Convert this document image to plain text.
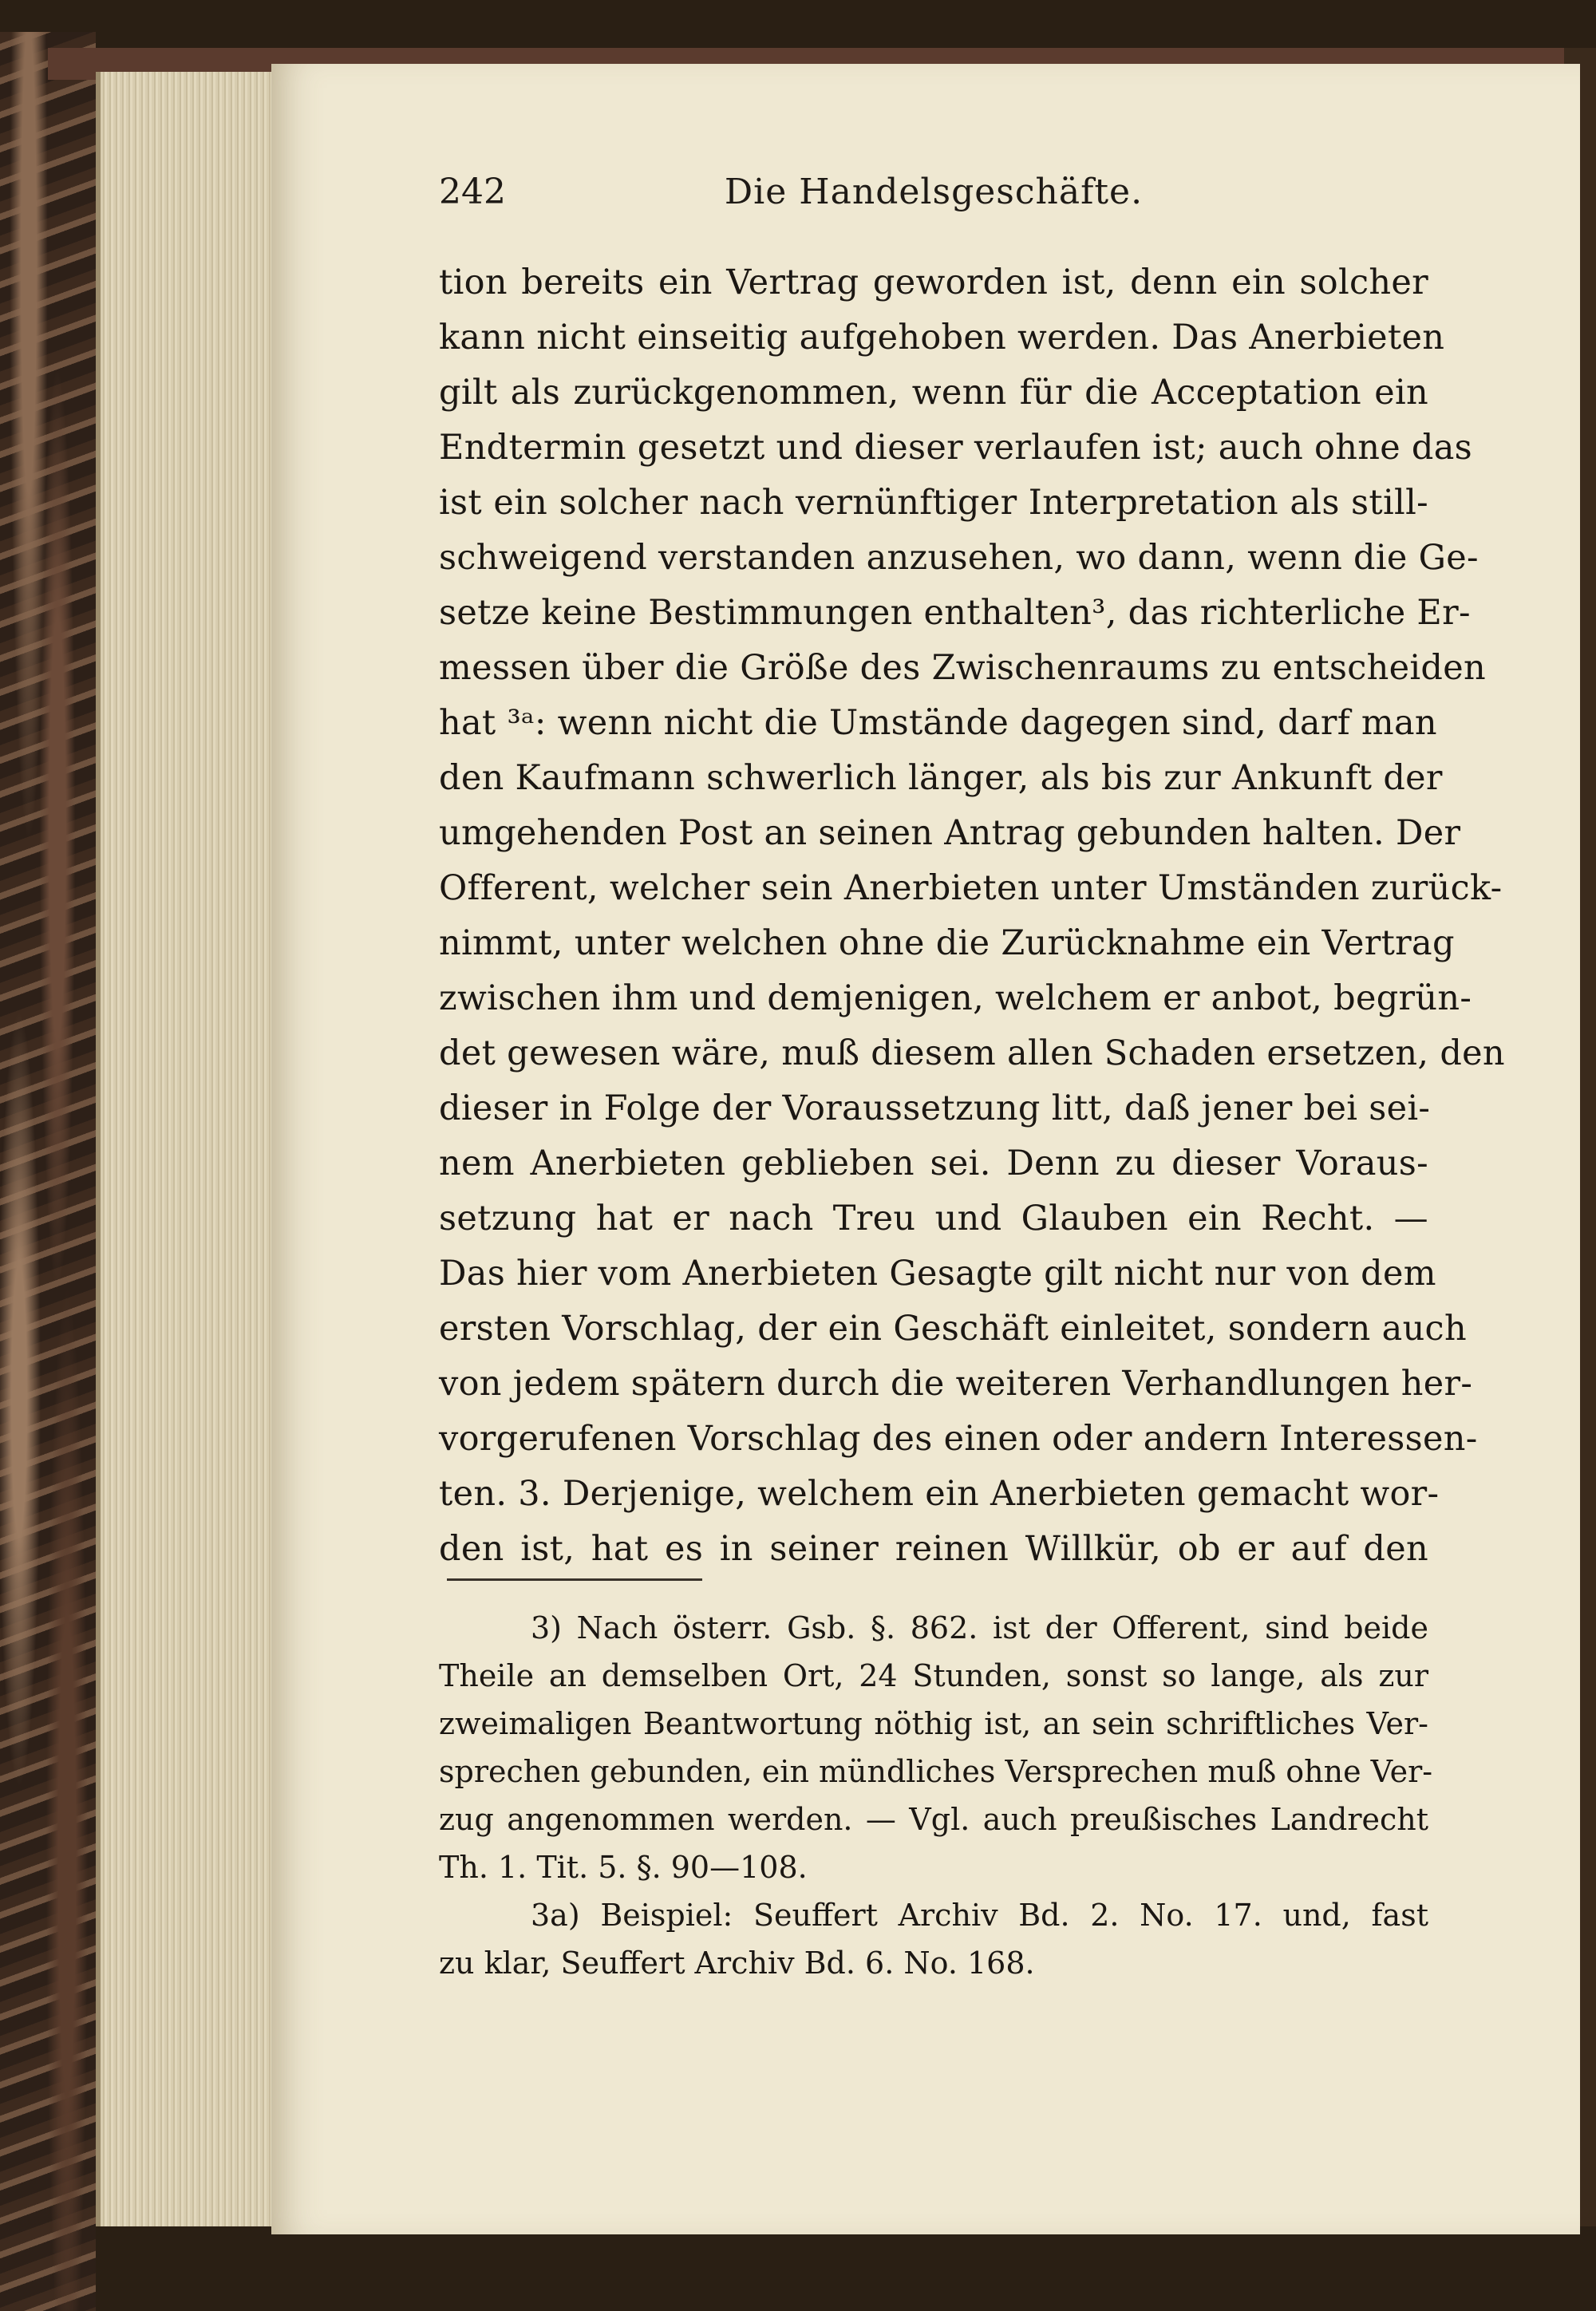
242	Die Handelsgeschäfte.
tion bereits ein Vertrag geworden ist, denn ein solcher
kann nicht einseitig aufgehoben werden. Das Anerbieten
gilt als zurückgenommen, wenn für die Acceptation ein
Endtermin gesetzt und dieser verlaufen ist; auch ohne das
ist ein solcher nach vernünftiger Interpretation als still-
schweigend verstanden anzusehen, wo dann, wenn die Ge-
setze keine Bestimmungen enthalten³, das richterliche Er-
messen über die Größe des Zwischenraums zu entscheiden
hat ³ᵃ: wenn nicht die Umstände dagegen sind, darf man
den Kaufmann schwerlich länger, als bis zur Ankunft der
umgehenden Post an seinen Antrag gebunden halten. Der
Offerent, welcher sein Anerbieten unter Umständen zurück-
nimmt, unter welchen ohne die Zurücknahme ein Vertrag
zwischen ihm und demjenigen, welchem er anbot, begrün-
det gewesen wäre, muß diesem allen Schaden ersetzen, den
dieser in Folge der Voraussetzung litt, daß jener bei sei-
nem Anerbieten geblieben sei. Denn zu dieser Voraus-
setzung hat er nach Treu und Glauben ein Recht. —
Das hier vom Anerbieten Gesagte gilt nicht nur von dem
ersten Vorschlag, der ein Geschäft einleitet, sondern auch
von jedem spätern durch die weiteren Verhandlungen her-
vorgerufenen Vorschlag des einen oder andern Interessen-
ten. 3. Derjenige, welchem ein Anerbieten gemacht wor-
den ist, hat es in seiner reinen Willkür, ob er auf den
3) Nach österr. Gsb. §. 862. ist der Offerent, sind beide
Theile an demselben Ort, 24 Stunden, sonst so lange, als zur
zweimaligen Beantwortung nöthig ist, an sein schriftliches Ver-
sprechen gebunden, ein mündliches Versprechen muß ohne Ver-
zug angenommen werden. — Vgl. auch preußisches Landrecht
Th. 1. Tit. 5. §. 90—108.
3a) Beispiel: Seuffert Archiv Bd. 2. No. 17. und, fast
zu klar, Seuffert Archiv Bd. 6. No. 168.
